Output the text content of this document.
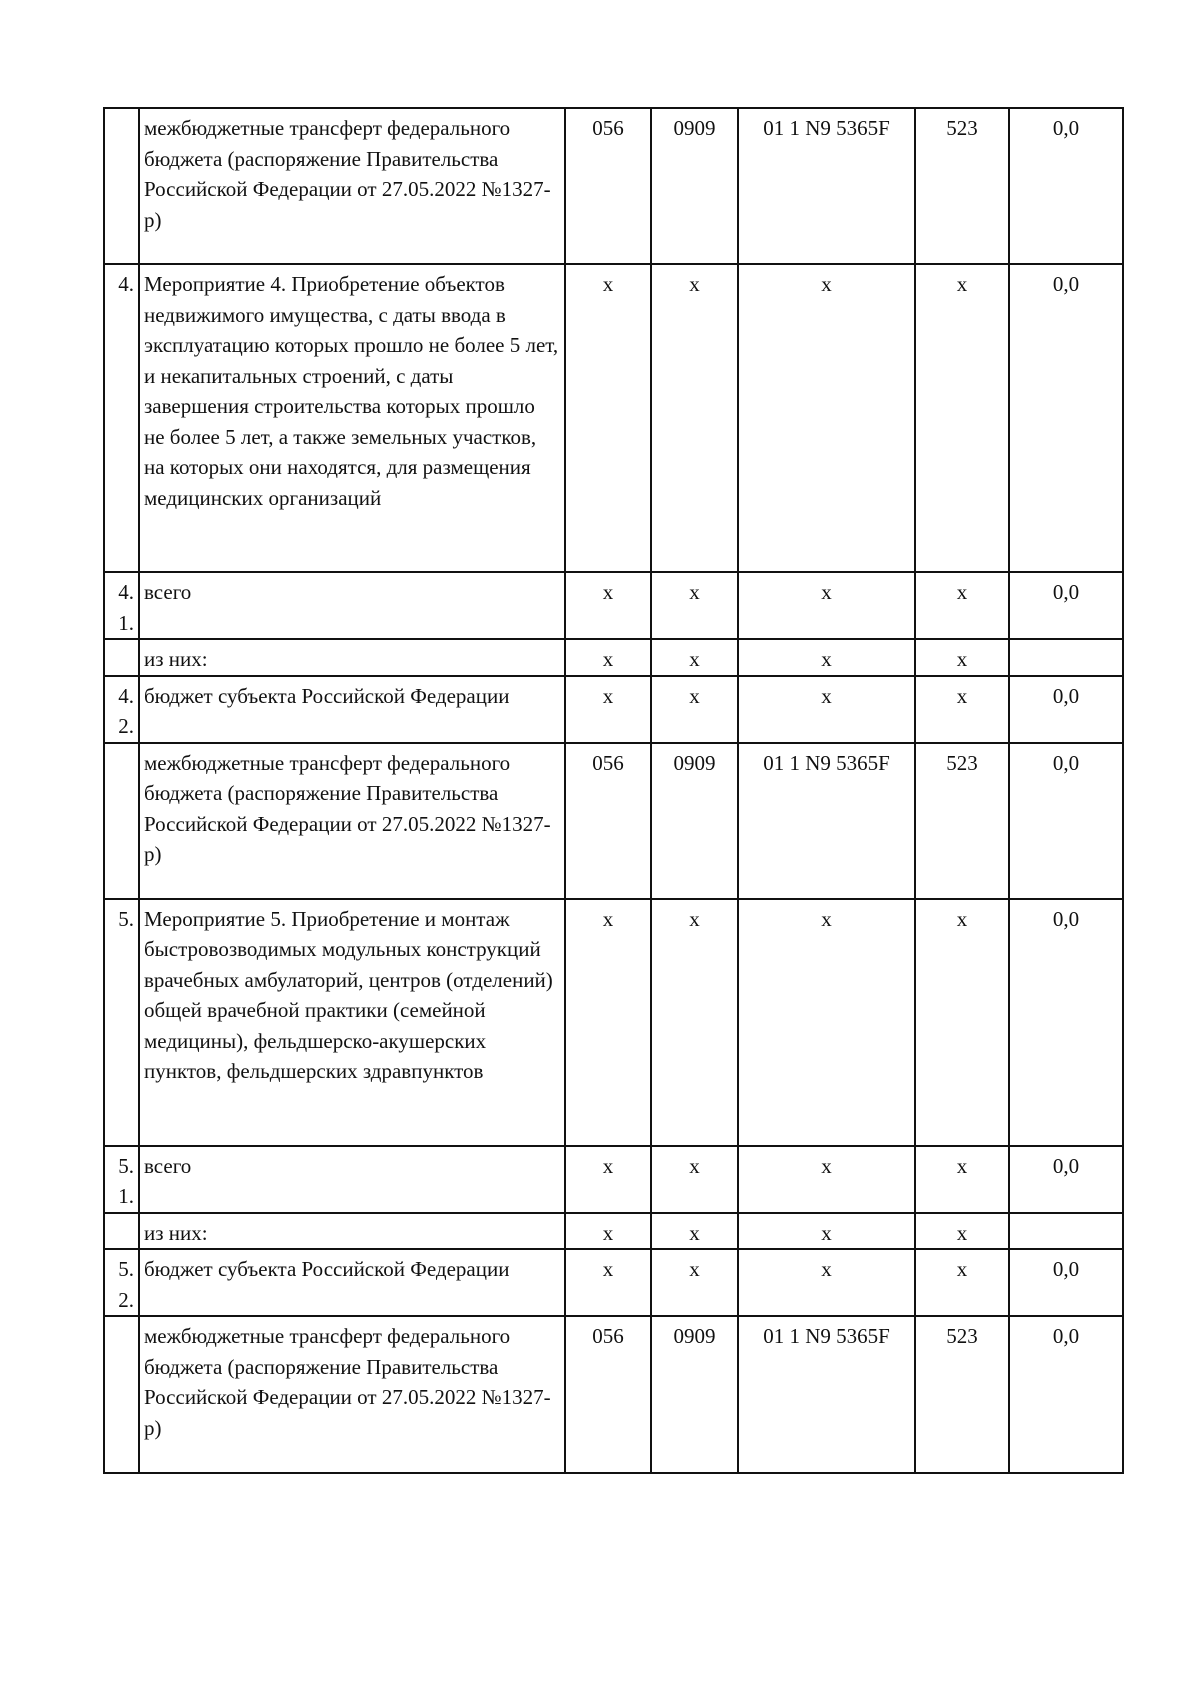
	межбюджетные трансферт федерального бюджета (распоряжение Правительства Российской Федерации от 27.05.2022 №1327-р)	056	0909	01 1 N9 5365F	523	0,0
4.	Мероприятие 4. Приобретение объектов недвижимого имущества, с даты ввода в эксплуатацию которых прошло не более 5 лет, и некапитальных строений, с даты завершения строительства которых прошло не более 5 лет, а также земельных участков, на которых они находятся, для размещения медицинских организаций	х	х	х	х	0,0
4. 1.	всего	х	х	х	х	0,0
	из них:	х	х	х	х	
4. 2.	бюджет субъекта Российской Федерации	х	х	х	х	0,0
	межбюджетные трансферт федерального бюджета (распоряжение Правительства Российской Федерации от 27.05.2022 №1327-р)	056	0909	01 1 N9 5365F	523	0,0
5.	Мероприятие 5. Приобретение и монтаж быстровозводимых модульных конструкций врачебных амбулаторий, центров (отделений) общей врачебной практики (семейной медицины), фельдшерско-акушерских пунктов, фельдшерских здравпунктов	х	х	х	х	0,0
5. 1.	всего	х	х	х	х	0,0
	из них:	х	х	х	х	
5. 2.	бюджет субъекта Российской Федерации	х	х	х	х	0,0
	межбюджетные трансферт федерального бюджета (распоряжение Правительства Российской Федерации от 27.05.2022 №1327-р)	056	0909	01 1 N9 5365F	523	0,0
